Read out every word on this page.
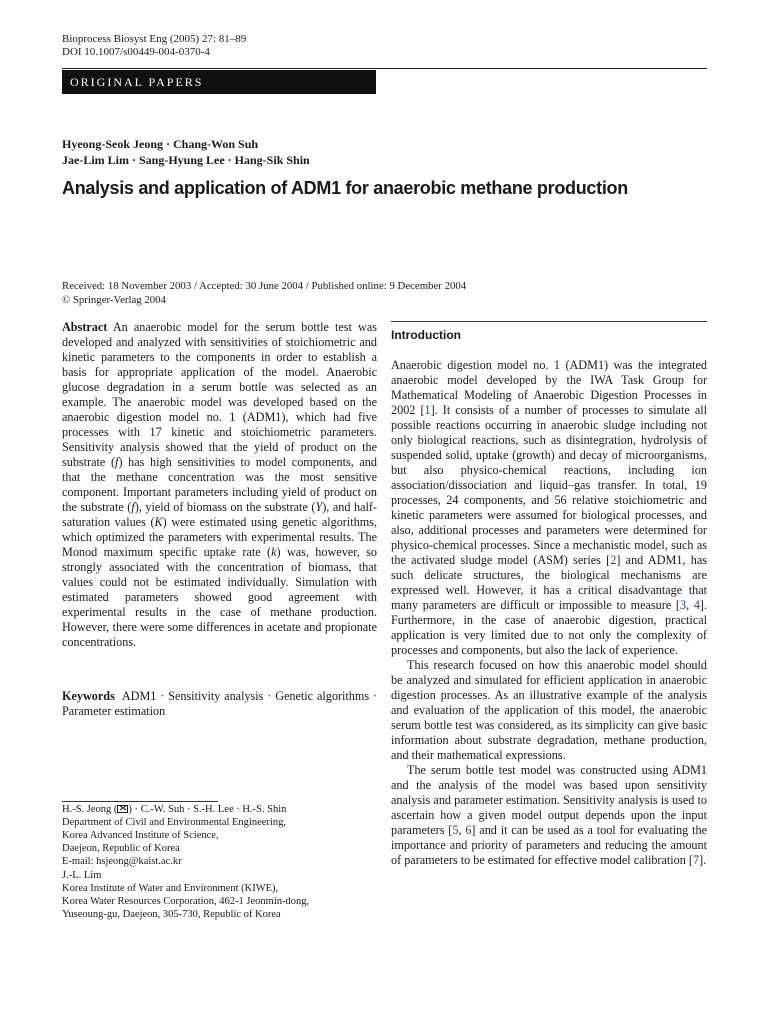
Bioprocess Biosyst Eng (2005) 27: 81–89
DOI 10.1007/s00449-004-0370-4
ORIGINAL PAPERS
Hyeong-Seok Jeong · Chang-Won Suh
Jae-Lim Lim · Sang-Hyung Lee · Hang-Sik Shin
Analysis and application of ADM1 for anaerobic methane production
Received: 18 November 2003 / Accepted: 30 June 2004 / Published online: 9 December 2004
© Springer-Verlag 2004

Abstract An anaerobic model for the serum bottle test was developed and analyzed with sensitivities of stoichiometric and kinetic parameters to the components in order to establish a basis for appropriate application of the model. Anaerobic glucose degradation in a serum bottle was selected as an example. The anaerobic model was developed based on the anaerobic digestion model no. 1 (ADM1), which had five processes with 17 kinetic and stoichiometric parameters. Sensitivity analysis showed that the yield of product on the substrate (f) has high sensitivities to model components, and that the methane concentration was the most sensitive component. Important parameters including yield of product on the substrate (f), yield of biomass on the substrate (Y), and half-saturation values (K) were estimated using genetic algorithms, which optimized the parameters with experimental results. The Monod maximum specific uptake rate (k) was, however, so strongly associated with the concentration of biomass, that values could not be estimated individually. Simulation with estimated parameters showed good agreement with experimental results in the case of methane production. However, there were some differences in acetate and propionate concentrations.

Keywords ADM1 · Sensitivity analysis · Genetic algorithms · Parameter estimation

H.-S. Jeong ( ) · C.-W. Suh · S.-H. Lee · H.-S. Shin
Department of Civil and Environmental Engineering,
Korea Advanced Institute of Science,
Daejeon, Republic of Korea
E-mail: hsjeong@kaist.ac.kr
J.-L. Lim
Korea Institute of Water and Environment (KIWE),
Korea Water Resources Corporation, 462-1 Jeonmin-dong,
Yuseoung-gu, Daejeon, 305-730, Republic of Korea
Introduction

Anaerobic digestion model no. 1 (ADM1) was the integrated anaerobic model developed by the IWA Task Group for Mathematical Modeling of Anaerobic Digestion Processes in 2002 [1]. It consists of a number of processes to simulate all possible reactions occurring in anaerobic sludge including not only biological reactions, such as disintegration, hydrolysis of suspended solid, uptake (growth) and decay of microorganisms, but also physico-chemical reactions, including ion association/dissociation and liquid–gas transfer. In total, 19 processes, 24 components, and 56 relative stoichiometric and kinetic parameters were assumed for biological processes, and also, additional processes and parameters were determined for physico-chemical processes. Since a mechanistic model, such as the activated sludge model (ASM) series [2] and ADM1, has such delicate structures, the biological mechanisms are expressed well. However, it has a critical disadvantage that many parameters are difficult or impossible to measure [3, 4]. Furthermore, in the case of anaerobic digestion, practical application is very limited due to not only the complexity of processes and components, but also the lack of experience.

This research focused on how this anaerobic model should be analyzed and simulated for efficient application in anaerobic digestion processes. As an illustrative example of the analysis and evaluation of the application of this model, the anaerobic serum bottle test was considered, as its simplicity can give basic information about substrate degradation, methane production, and their mathematical expressions.

The serum bottle test model was constructed using ADM1 and the analysis of the model was based upon sensitivity analysis and parameter estimation. Sensitivity analysis is used to ascertain how a given model output depends upon the input parameters [5, 6] and it can be used as a tool for evaluating the importance and priority of parameters and reducing the amount of parameters to be estimated for effective model calibration [7].
